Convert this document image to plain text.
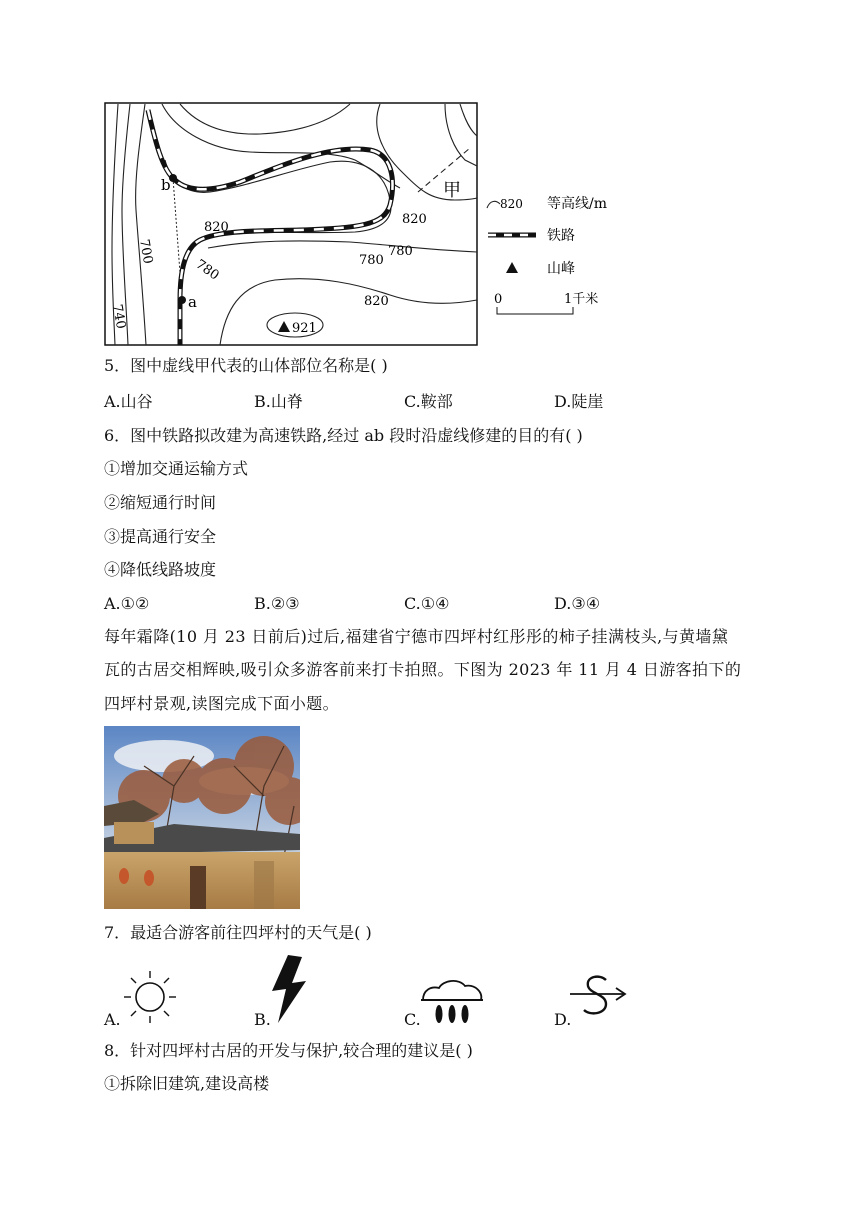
820
780
700
740
820
780
780
820
921
b
a
甲
820 等高线/m
铁路
山峰
0	1千米
5．图中虚线甲代表的山体部位名称是( )
A.山谷	B.山脊	C.鞍部	D.陡崖
6．图中铁路拟改建为高速铁路,经过 ab 段时沿虚线修建的目的有( )
①增加交通运输方式
②缩短通行时间
③提高通行安全
④降低线路坡度
A.①②	B.②③	C.①④	D.③④
每年霜降(10 月 23 日前后)过后,福建省宁德市四坪村红彤彤的柿子挂满枝头,与黄墙黛
瓦的古居交相辉映,吸引众多游客前来打卡拍照。下图为 2023 年 11 月 4 日游客拍下的
四坪村景观,读图完成下面小题。
7．最适合游客前往四坪村的天气是( )
A.	B.	C.	D.
8．针对四坪村古居的开发与保护,较合理的建议是( )
①拆除旧建筑,建设高楼
